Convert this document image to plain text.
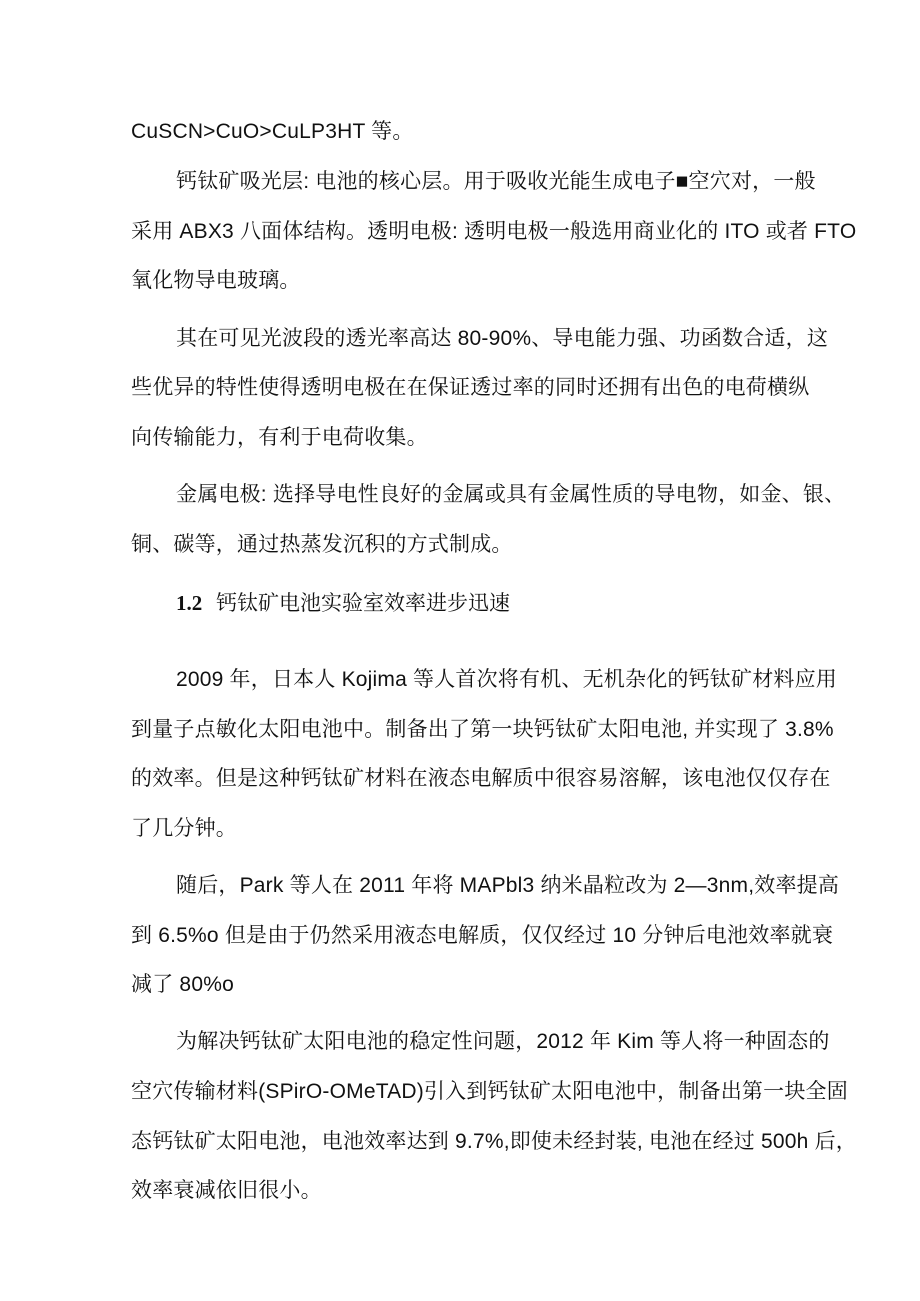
CuSCN>CuO>CuLP3HT 等。
钙钛矿吸光层: 电池的核心层。用于吸收光能生成电子■空穴对，一般
采用 ABX3 八面体结构。透明电极: 透明电极一般选用商业化的 ITO 或者 FTO
氧化物导电玻璃。
其在可见光波段的透光率高达 80-90%、导电能力强、功函数合适，这
些优异的特性使得透明电极在在保证透过率的同时还拥有出色的电荷横纵
向传输能力，有利于电荷收集。
金属电极: 选择导电性良好的金属或具有金属性质的导电物，如金、银、
铜、碳等，通过热蒸发沉积的方式制成。
1.2 钙钛矿电池实验室效率进步迅速
2009 年，日本人 Kojima 等人首次将有机、无机杂化的钙钛矿材料应用
到量子点敏化太阳电池中。制备出了第一块钙钛矿太阳电池, 并实现了 3.8%
的效率。但是这种钙钛矿材料在液态电解质中很容易溶解，该电池仅仅存在
了几分钟。
随后，Park 等人在 2011 年将 MAPbl3 纳米晶粒改为 2—3nm,效率提高
到 6.5%o 但是由于仍然采用液态电解质，仅仅经过 10 分钟后电池效率就衰
减了 80%o
为解决钙钛矿太阳电池的稳定性问题，2012 年 Kim 等人将一种固态的
空穴传输材料(SPirO-OMeTAD)引入到钙钛矿太阳电池中，制备出第一块全固
态钙钛矿太阳电池，电池效率达到 9.7%,即使未经封装, 电池在经过 500h 后，
效率衰减依旧很小。
